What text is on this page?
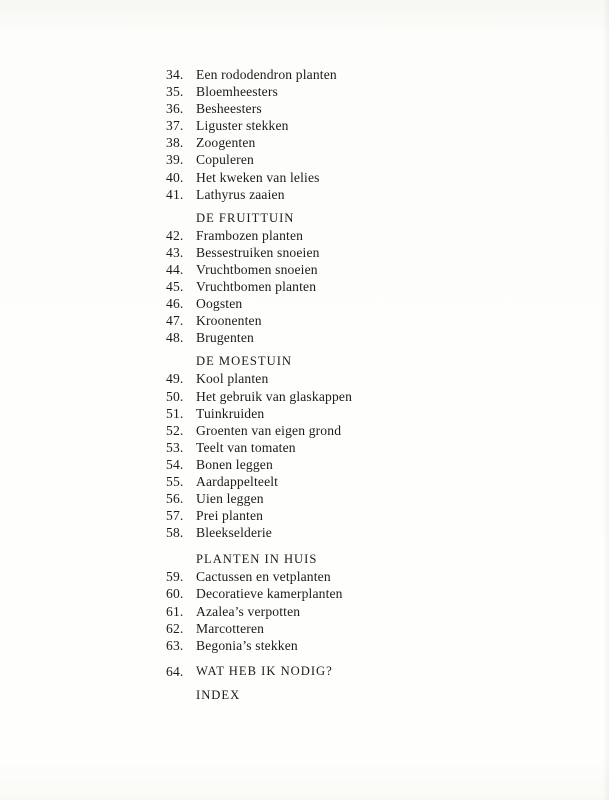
34. Een rododendron planten
35. Bloemheesters
36. Besheesters
37. Liguster stekken
38. Zoogenten
39. Copuleren
40. Het kweken van lelies
41. Lathyrus zaaien
DE FRUITTUIN
42. Frambozen planten
43. Bessestruiken snoeien
44. Vruchtbomen snoeien
45. Vruchtbomen planten
46. Oogsten
47. Kroonenten
48. Brugenten
DE MOESTUIN
49. Kool planten
50. Het gebruik van glaskappen
51. Tuinkruiden
52. Groenten van eigen grond
53. Teelt van tomaten
54. Bonen leggen
55. Aardappelteelt
56. Uien leggen
57. Prei planten
58. Bleekselderie
PLANTEN IN HUIS
59. Cactussen en vetplanten
60. Decoratieve kamerplanten
61. Azalea’s verpotten
62. Marcotteren
63. Begonia’s stekken
64. WAT HEB IK NODIG?
INDEX
